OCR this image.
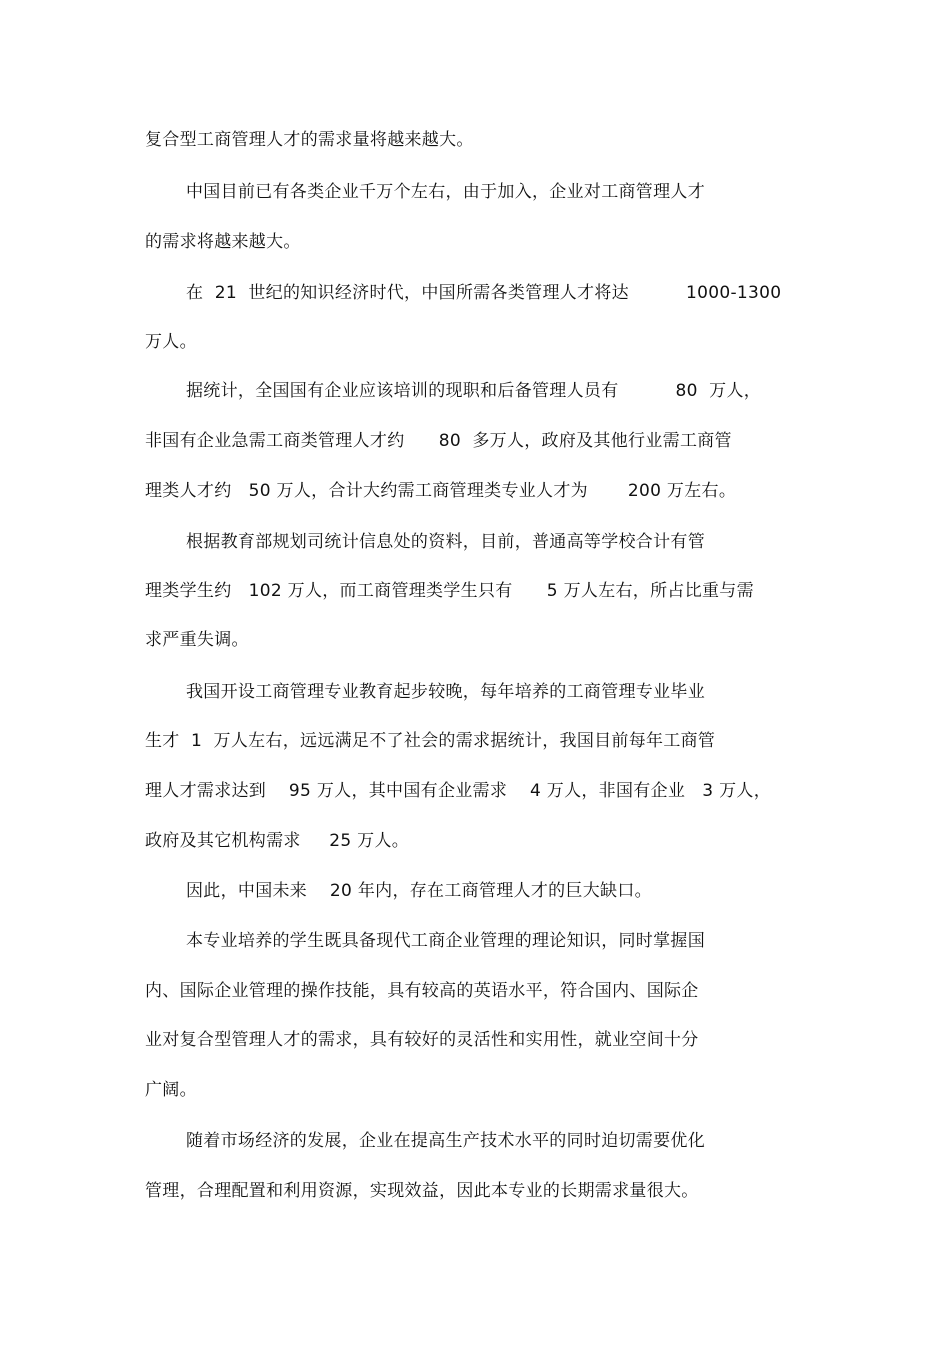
复合型工商管理人才的需求量将越来越大。
中国目前已有各类企业千万个左右，由于加入，企业对工商管理人才
的需求将越来越大。
在  21  世纪的知识经济时代，中国所需各类管理人才将达          1000-1300
万人。
据统计，全国国有企业应该培训的现职和后备管理人员有          80  万人，
非国有企业急需工商类管理人才约      80  多万人，政府及其他行业需工商管
理类人才约   50 万人，合计大约需工商管理类专业人才为       200 万左右。
根据教育部规划司统计信息处的资料，目前，普通高等学校合计有管
理类学生约   102 万人，而工商管理类学生只有      5 万人左右，所占比重与需
求严重失调。
我国开设工商管理专业教育起步较晚，每年培养的工商管理专业毕业
生才  1  万人左右，远远满足不了社会的需求据统计，我国目前每年工商管
理人才需求达到    95 万人，其中国有企业需求    4 万人，非国有企业   3 万人，
政府及其它机构需求     25 万人。
因此，中国未来    20 年内，存在工商管理人才的巨大缺口。
本专业培养的学生既具备现代工商企业管理的理论知识，同时掌握国
内、国际企业管理的操作技能，具有较高的英语水平，符合国内、国际企
业对复合型管理人才的需求，具有较好的灵活性和实用性，就业空间十分
广阔。
随着市场经济的发展，企业在提高生产技术水平的同时迫切需要优化
管理，合理配置和利用资源，实现效益，因此本专业的长期需求量很大。
